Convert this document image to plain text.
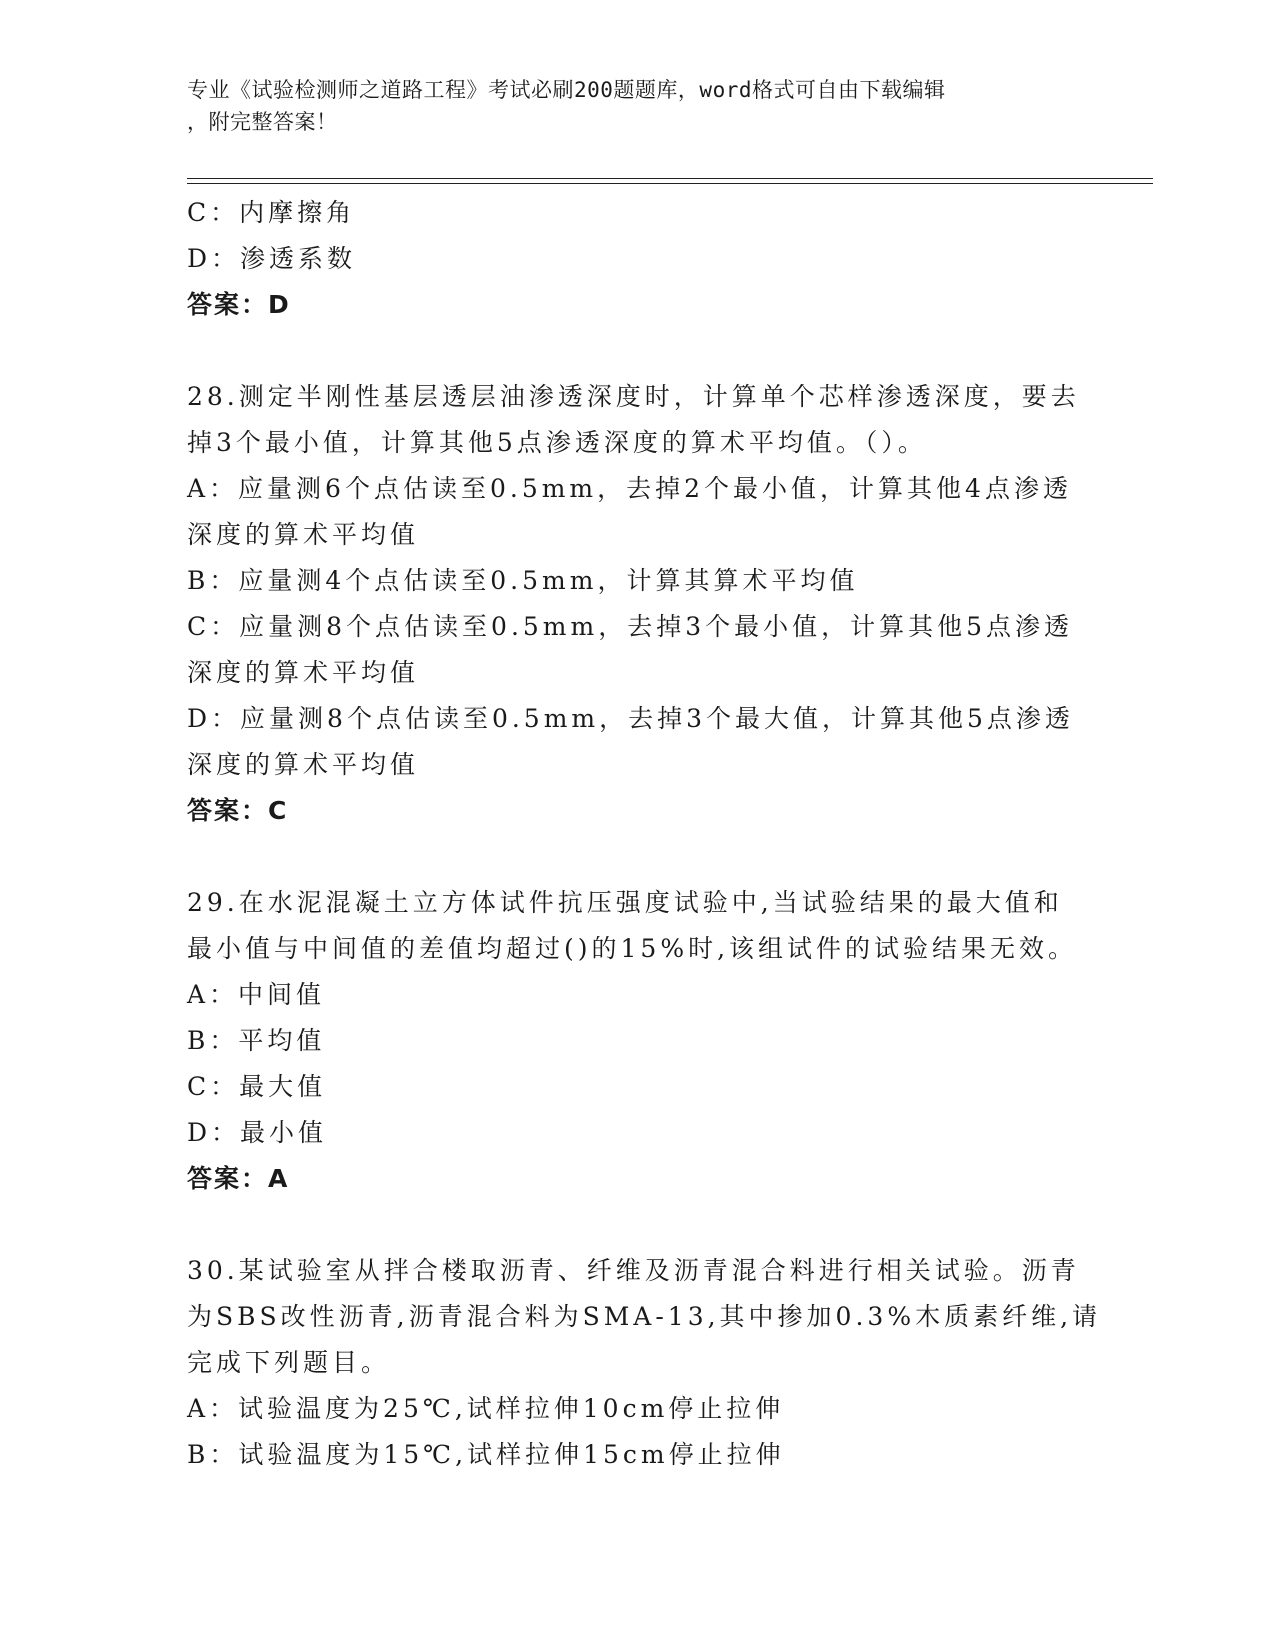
专业《试验检测师之道路工程》考试必刷200题题库，word格式可自由下载编辑
，附完整答案！
C：内摩擦角
D：渗透系数
答案：D
28.测定半刚性基层透层油渗透深度时，计算单个芯样渗透深度，要去
掉3个最小值，计算其他5点渗透深度的算术平均值。（）。
A：应量测6个点估读至0.5mm，去掉2个最小值，计算其他4点渗透
深度的算术平均值
B：应量测4个点估读至0.5mm，计算其算术平均值
C：应量测8个点估读至0.5mm，去掉3个最小值，计算其他5点渗透
深度的算术平均值
D：应量测8个点估读至0.5mm，去掉3个最大值，计算其他5点渗透
深度的算术平均值
答案：C
29.在水泥混凝土立方体试件抗压强度试验中,当试验结果的最大值和
最小值与中间值的差值均超过()的15%时,该组试件的试验结果无效。
A：中间值
B：平均值
C：最大值
D：最小值
答案：A
30.某试验室从拌合楼取沥青、纤维及沥青混合料进行相关试验。沥青
为SBS改性沥青,沥青混合料为SMA-13,其中掺加0.3%木质素纤维,请
完成下列题目。
A：试验温度为25℃,试样拉伸10cm停止拉伸
B：试验温度为15℃,试样拉伸15cm停止拉伸
